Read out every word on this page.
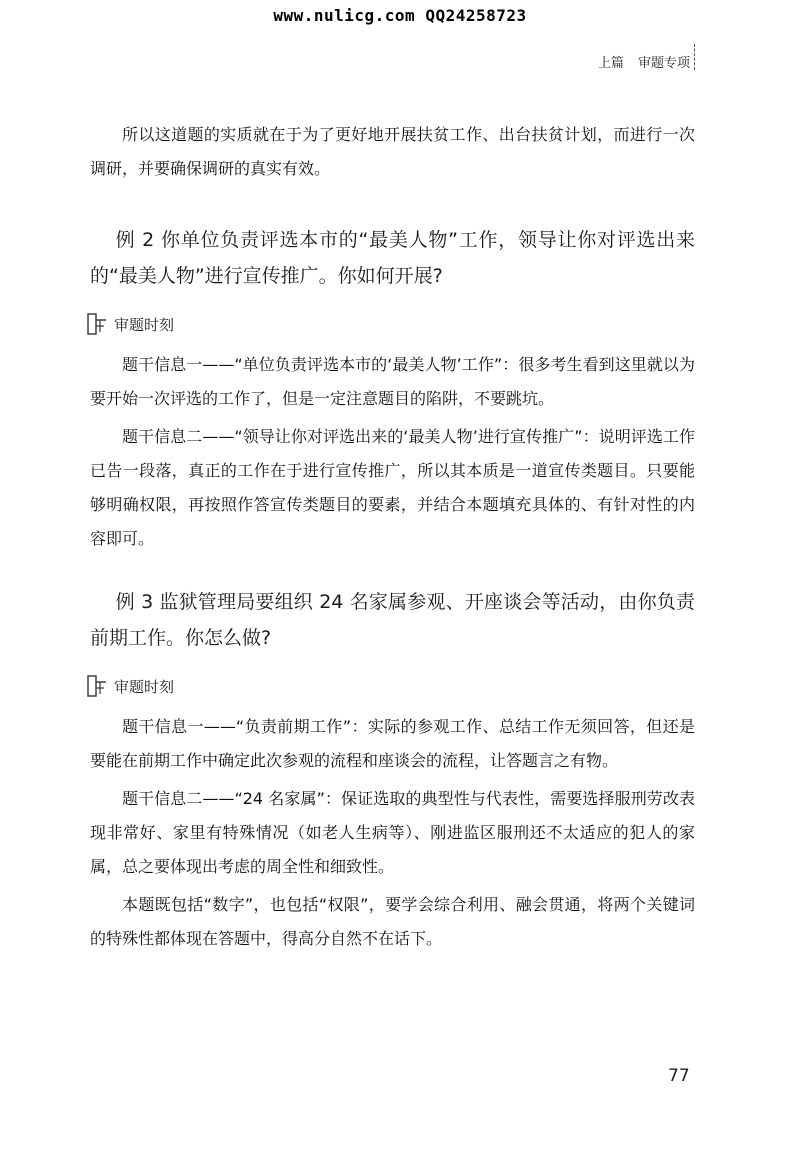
www.nulicg.com QQ24258723
上篇 审题专项

所以这道题的实质就在于为了更好地开展扶贫工作、出台扶贫计划，而进行一次调研，并要确保调研的真实有效。

例 2 你单位负责评选本市的“最美人物”工作，领导让你对评选出来的“最美人物”进行宣传推广。你如何开展?

审题时刻

题干信息一——“单位负责评选本市的‘最美人物’工作”：很多考生看到这里就以为要开始一次评选的工作了，但是一定注意题目的陷阱，不要跳坑。

题干信息二——“领导让你对评选出来的‘最美人物’进行宣传推广”：说明评选工作已告一段落，真正的工作在于进行宣传推广，所以其本质是一道宣传类题目。只要能够明确权限，再按照作答宣传类题目的要素，并结合本题填充具体的、有针对性的内容即可。

例 3 监狱管理局要组织 24 名家属参观、开座谈会等活动，由你负责前期工作。你怎么做?

审题时刻

题干信息一——“负责前期工作”：实际的参观工作、总结工作无须回答，但还是要能在前期工作中确定此次参观的流程和座谈会的流程，让答题言之有物。

题干信息二——“24 名家属”：保证选取的典型性与代表性，需要选择服刑劳改表现非常好、家里有特殊情况（如老人生病等）、刚进监区服刑还不太适应的犯人的家属，总之要体现出考虑的周全性和细致性。

本题既包括“数字”，也包括“权限”，要学会综合利用、融会贯通，将两个关键词的特殊性都体现在答题中，得高分自然不在话下。

77
